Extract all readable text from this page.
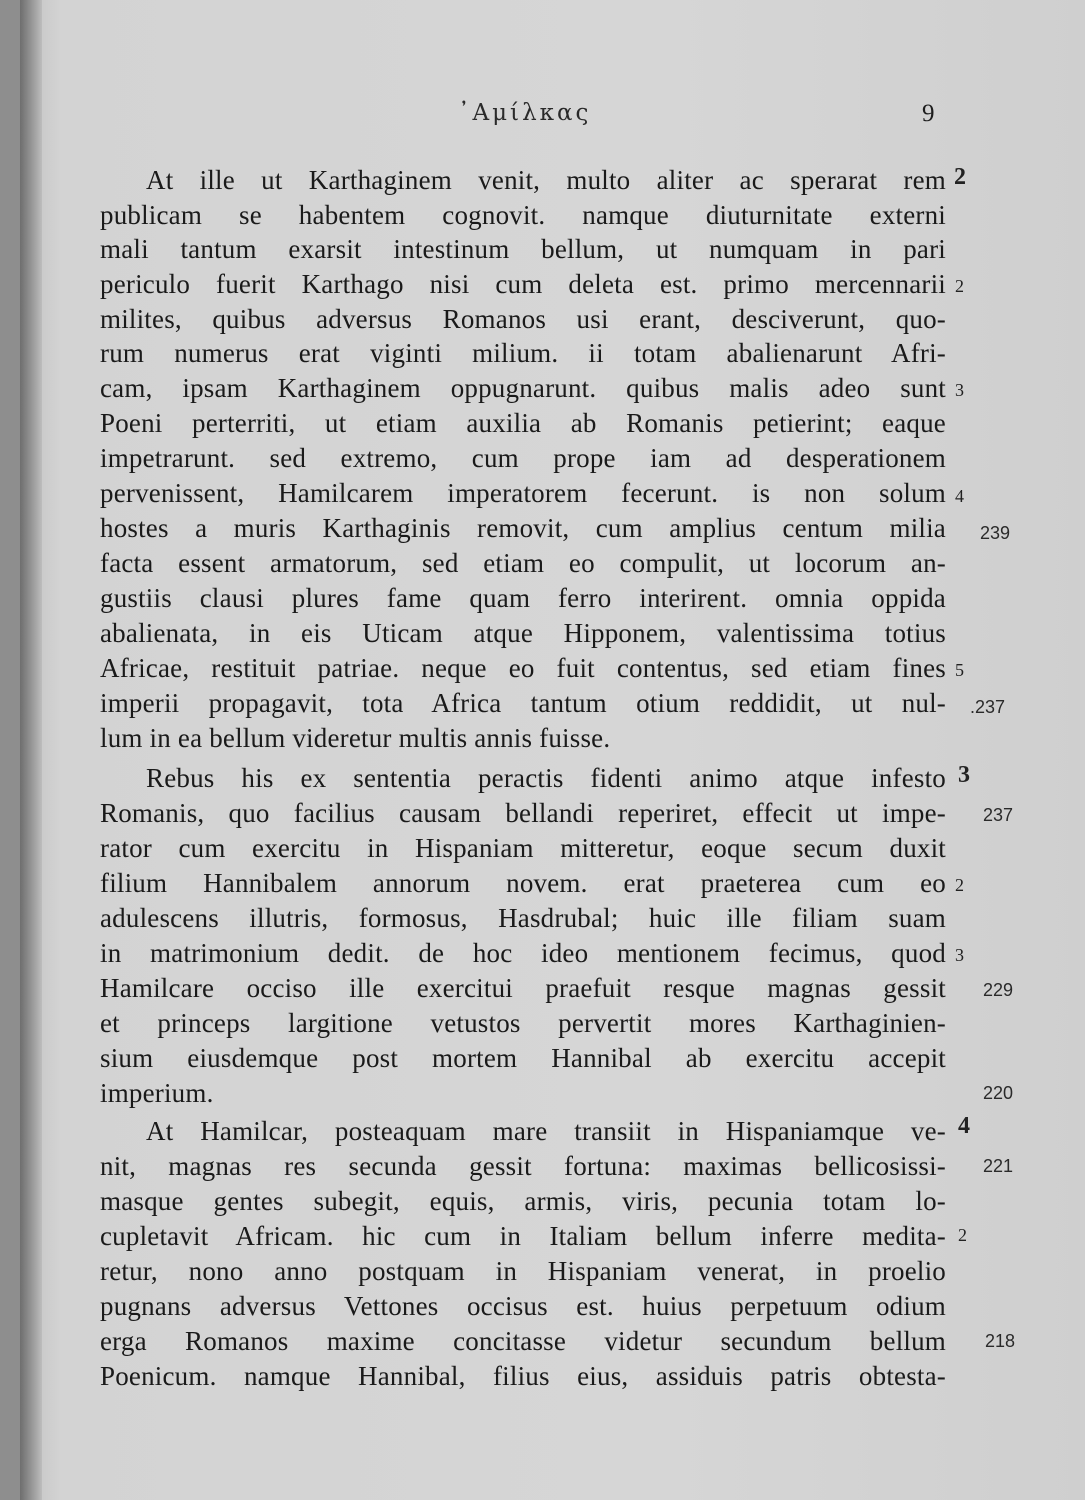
᾿Αμίλκας	9
At ille ut Karthaginem venit, multo aliter ac sperarat rem
publicam se habentem cognovit. namque diuturnitate externi
mali tantum exarsit intestinum bellum, ut numquam in pari
periculo fuerit Karthago nisi cum deleta est. primo mercennarii
milites, quibus adversus Romanos usi erant, desciverunt, quo-
rum numerus erat viginti milium. ii totam abalienarunt Afri-
cam, ipsam Karthaginem oppugnarunt. quibus malis adeo sunt
Poeni perterriti, ut etiam auxilia ab Romanis petierint; eaque
impetrarunt. sed extremo, cum prope iam ad desperationem
pervenissent, Hamilcarem imperatorem fecerunt. is non solum
hostes a muris Karthaginis removit, cum amplius centum milia
facta essent armatorum, sed etiam eo compulit, ut locorum an-
gustiis clausi plures fame quam ferro interirent. omnia oppida
abalienata, in eis Uticam atque Hipponem, valentissima totius
Africae, restituit patriae. neque eo fuit contentus, sed etiam fines
imperii propagavit, tota Africa tantum otium reddidit, ut nul-
lum in ea bellum videretur multis annis fuisse.
Rebus his ex sententia peractis fidenti animo atque infesto
Romanis, quo facilius causam bellandi reperiret, effecit ut impe-
rator cum exercitu in Hispaniam mitteretur, eoque secum duxit
filium Hannibalem annorum novem. erat praeterea cum eo
adulescens illutris, formosus, Hasdrubal; huic ille filiam suam
in matrimonium dedit. de hoc ideo mentionem fecimus, quod
Hamilcare occiso ille exercitui praefuit resque magnas gessit
et princeps largitione vetustos pervertit mores Karthaginien-
sium eiusdemque post mortem Hannibal ab exercitu accepit
imperium.
At Hamilcar, posteaquam mare transiit in Hispaniamque ve-
nit, magnas res secunda gessit fortuna: maximas bellicosissi-
masque gentes subegit, equis, armis, viris, pecunia totam lo-
cupletavit Africam. hic cum in Italiam bellum inferre medita-
retur, nono anno postquam in Hispaniam venerat, in proelio
pugnans adversus Vettones occisus est. huius perpetuum odium
erga Romanos maxime concitasse videtur secundum bellum
Poenicum. namque Hannibal, filius eius, assiduis patris obtesta-
2
2
3
4
239
5
.237
3
237
2
3
229
220
4
221
2
218
